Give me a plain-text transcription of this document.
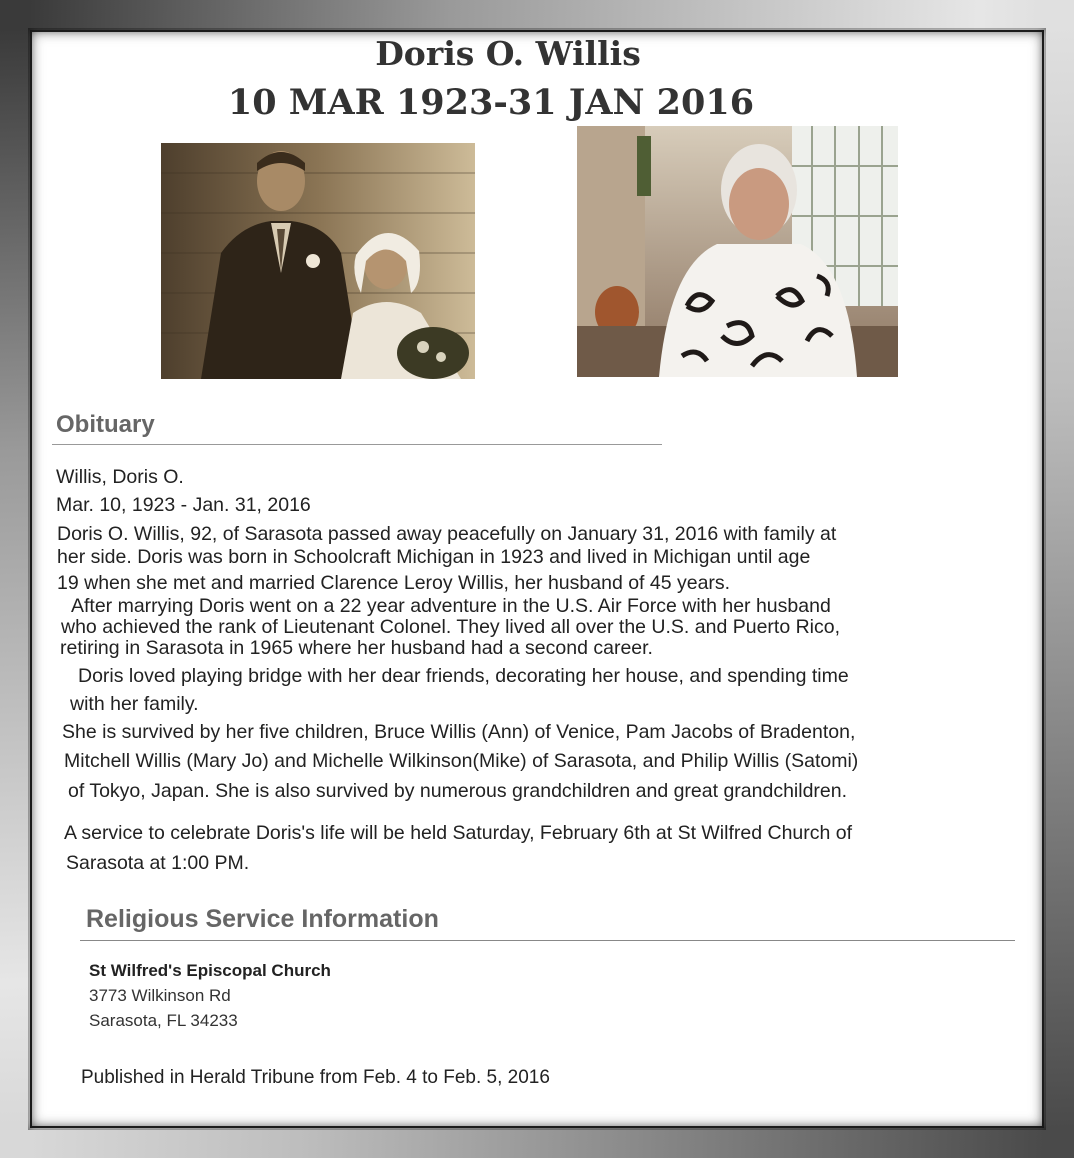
Doris O. Willis
10 MAR 1923-31 JAN 2016
Obituary
Willis, Doris O.
Mar. 10, 1923 - Jan. 31, 2016
Doris O. Willis, 92, of Sarasota passed away peacefully on January 31, 2016 with family at
her side. Doris was born in Schoolcraft Michigan in 1923 and lived in Michigan until age
19 when she met and married Clarence Leroy Willis, her husband of 45 years.
After marrying Doris went on a 22 year adventure in the U.S. Air Force with her husband
who achieved the rank of Lieutenant Colonel. They lived all over the U.S. and Puerto Rico,
retiring in Sarasota in 1965 where her husband had a second career.
Doris loved playing bridge with her dear friends, decorating her house, and spending time
with her family.
She is survived by her five children, Bruce Willis (Ann) of Venice, Pam Jacobs of Bradenton,
Mitchell Willis (Mary Jo) and Michelle Wilkinson(Mike) of Sarasota, and Philip Willis (Satomi)
of Tokyo, Japan. She is also survived by numerous grandchildren and great grandchildren.
A service to celebrate Doris's life will be held Saturday, February 6th at St Wilfred Church of
Sarasota at 1:00 PM.
Religious Service Information
St Wilfred's Episcopal Church
3773 Wilkinson Rd
Sarasota, FL 34233
Published in Herald Tribune from Feb. 4 to Feb. 5, 2016
